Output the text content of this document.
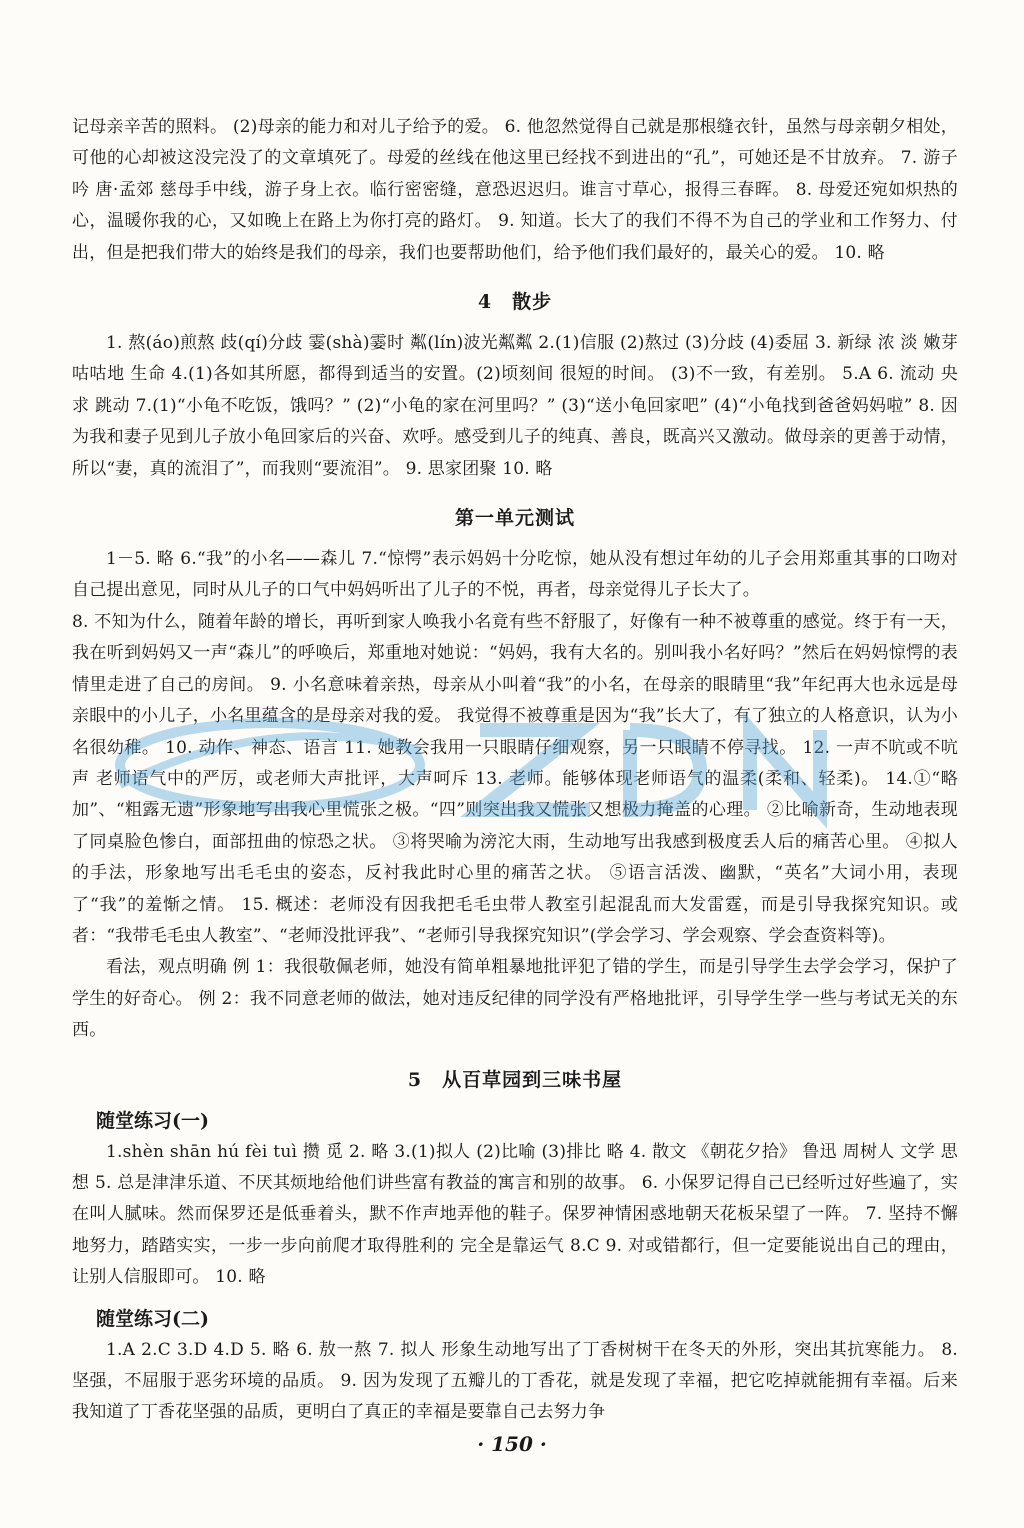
记母亲辛苦的照料。 (2)母亲的能力和对儿子给予的爱。 6. 他忽然觉得自己就是那根缝衣针，虽然与母亲朝夕相处，可他的心却被这没完没了的文章填死了。母爱的丝线在他这里已经找不到进出的“孔”，可她还是不甘放弃。 7. 游子吟 唐·孟郊 慈母手中线，游子身上衣。临行密密缝，意恐迟迟归。谁言寸草心，报得三春晖。 8. 母爱还宛如炽热的心，温暖你我的心，又如晚上在路上为你打亮的路灯。 9. 知道。长大了的我们不得不为自己的学业和工作努力、付出，但是把我们带大的始终是我们的母亲，我们也要帮助他们，给予他们我们最好的，最关心的爱。 10. 略

4　散步

1. 熬(áo)煎熬 歧(qí)分歧 霎(shà)霎时 粼(lín)波光粼粼 2.(1)信服 (2)熬过 (3)分歧 (4)委屈 3. 新绿 浓 淡 嫩芽 咕咕地 生命 4.(1)各如其所愿，都得到适当的安置。(2)顷刻间 很短的时间。 (3)不一致，有差别。 5.A 6. 流动 央求 跳动 7.(1)“小龟不吃饭，饿吗？” (2)“小龟的家在河里吗？” (3)“送小龟回家吧” (4)“小龟找到爸爸妈妈啦” 8. 因为我和妻子见到儿子放小龟回家后的兴奋、欢呼。感受到儿子的纯真、善良，既高兴又激动。做母亲的更善于动情，所以“妻，真的流泪了”，而我则“要流泪”。 9. 思家团聚 10. 略

第一单元测试

1－5. 略 6.“我”的小名——森儿 7.“惊愕”表示妈妈十分吃惊，她从没有想过年幼的儿子会用郑重其事的口吻对自己提出意见，同时从儿子的口气中妈妈听出了儿子的不悦，再者，母亲觉得儿子长大了。

8. 不知为什么，随着年龄的增长，再听到家人唤我小名竟有些不舒服了，好像有一种不被尊重的感觉。终于有一天，我在听到妈妈又一声“森儿”的呼唤后，郑重地对她说：“妈妈，我有大名的。别叫我小名好吗？”然后在妈妈惊愕的表情里走进了自己的房间。 9. 小名意味着亲热，母亲从小叫着“我”的小名，在母亲的眼睛里“我”年纪再大也永远是母亲眼中的小儿子，小名里蕴含的是母亲对我的爱。 我觉得不被尊重是因为“我”长大了，有了独立的人格意识，认为小名很幼稚。 10. 动作、神态、语言 11. 她教会我用一只眼睛仔细观察，另一只眼睛不停寻找。 12. 一声不吭或不吭声 老师语气中的严厉，或老师大声批评，大声呵斥 13. 老师。能够体现老师语气的温柔(柔和、轻柔)。 14.①“略加”、“粗露无遗”形象地写出我心里慌张之极。“四”则突出我又慌张又想极力掩盖的心理。 ②比喻新奇，生动地表现了同桌脸色惨白，面部扭曲的惊恐之状。 ③将哭喻为滂沱大雨，生动地写出我感到极度丢人后的痛苦心里。 ④拟人的手法，形象地写出毛毛虫的姿态，反衬我此时心里的痛苦之状。 ⑤语言活泼、幽默，“英名”大词小用，表现了“我”的羞惭之情。 15. 概述：老师没有因我把毛毛虫带人教室引起混乱而大发雷霆，而是引导我探究知识。或者：“我带毛毛虫人教室”、“老师没批评我”、“老师引导我探究知识”(学会学习、学会观察、学会查资料等)。

看法，观点明确 例 1：我很敬佩老师，她没有简单粗暴地批评犯了错的学生，而是引导学生去学会学习，保护了学生的好奇心。 例 2：我不同意老师的做法，她对违反纪律的同学没有严格地批评，引导学生学一些与考试无关的东西。

5　从百草园到三味书屋
随堂练习(一)

1.shèn shān hú fèi tuì 攒 觅 2. 略 3.(1)拟人 (2)比喻 (3)排比 略 4. 散文 《朝花夕拾》 鲁迅 周树人 文学 思想 5. 总是津津乐道、不厌其烦地给他们讲些富有教益的寓言和别的故事。 6. 小保罗记得自己已经听过好些遍了，实在叫人腻味。然而保罗还是低垂着头，默不作声地弄他的鞋子。保罗神情困惑地朝天花板呆望了一阵。 7. 坚持不懈地努力，踏踏实实，一步一步向前爬才取得胜利的 完全是靠运气 8.C 9. 对或错都行，但一定要能说出自己的理由，让别人信服即可。 10. 略

随堂练习(二)

1.A 2.C 3.D 4.D 5. 略 6. 敖一熬 7. 拟人 形象生动地写出了丁香树树干在冬天的外形，突出其抗寒能力。 8. 坚强，不屈服于恶劣环境的品质。 9. 因为发现了五瓣儿的丁香花，就是发现了幸福，把它吃掉就能拥有幸福。后来我知道了丁香花坚强的品质，更明白了真正的幸福是要靠自己去努力争

· 150 ·
